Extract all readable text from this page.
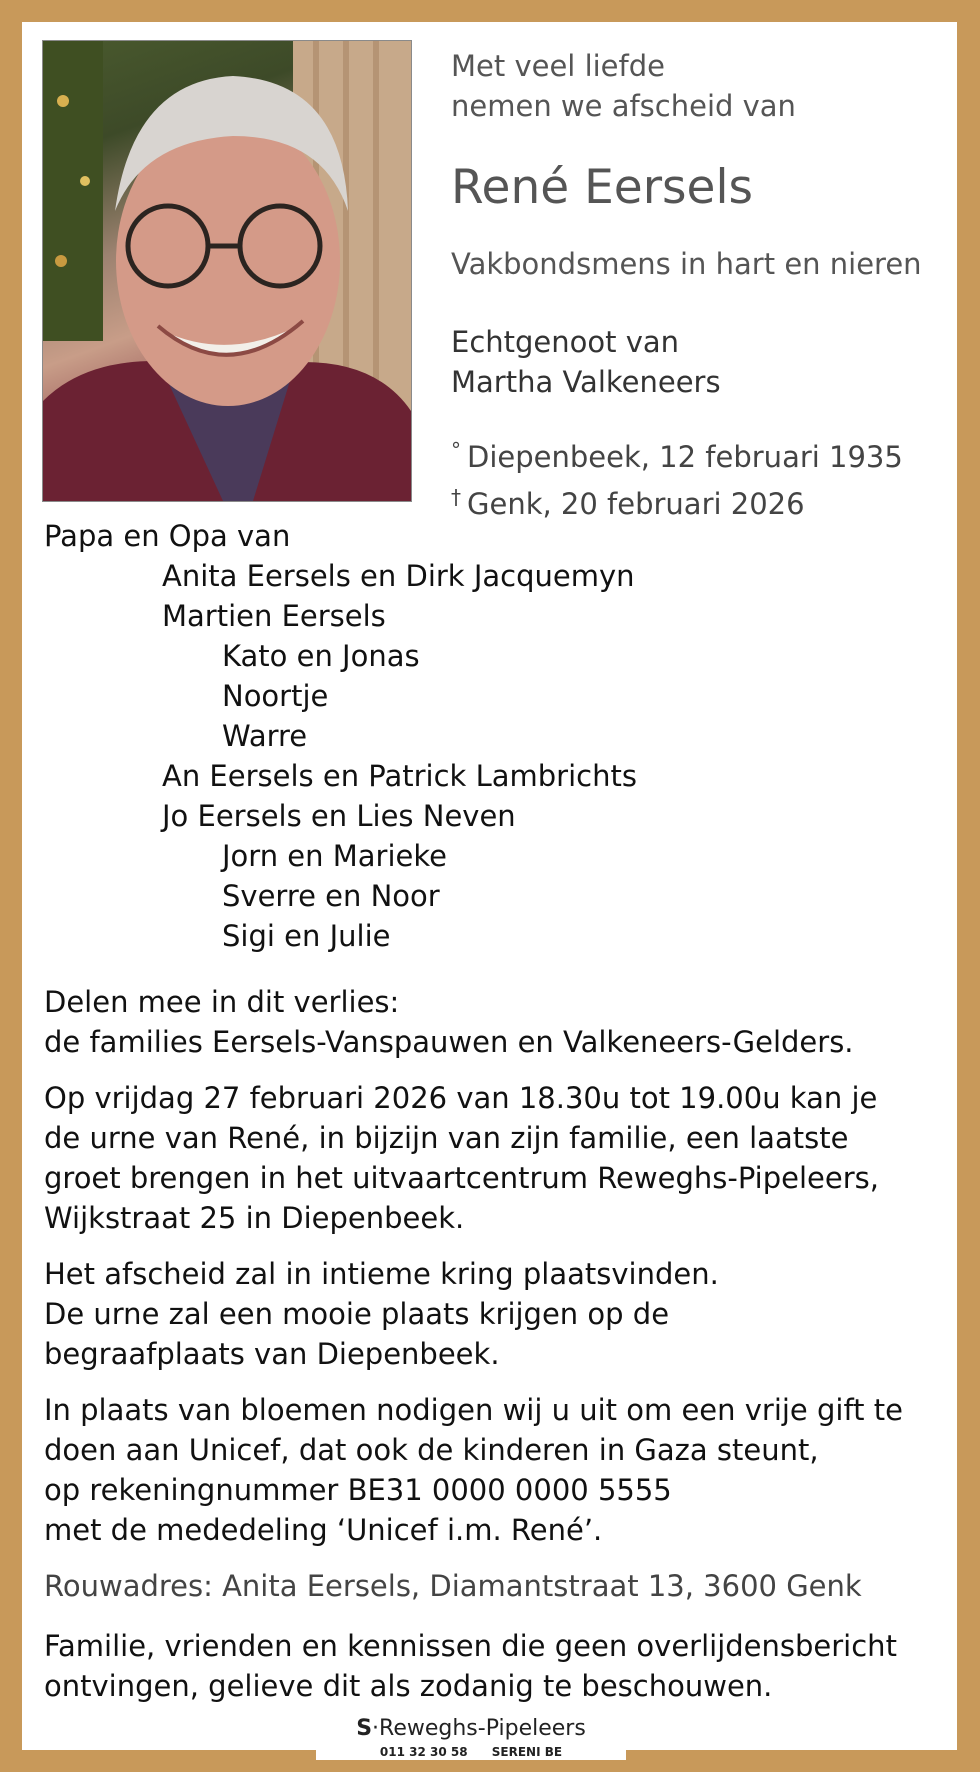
Met veel liefde
nemen we afscheid van
René Eersels
Vakbondsmens in hart en nieren
Echtgenoot van
Martha Valkeneers
° Diepenbeek, 12 februari 1935
† Genk, 20 februari 2026
Papa en Opa van
Anita Eersels en Dirk Jacquemyn
Martien Eersels
Kato en Jonas
Noortje
Warre
An Eersels en Patrick Lambrichts
Jo Eersels en Lies Neven
Jorn en Marieke
Sverre en Noor
Sigi en Julie
Delen mee in dit verlies:
de families Eersels-Vanspauwen en Valkeneers-Gelders.
Op vrijdag 27 februari 2026 van 18.30u tot 19.00u kan je
de urne van René, in bijzijn van zijn familie, een laatste
groet brengen in het uitvaartcentrum Reweghs-Pipeleers,
Wijkstraat 25 in Diepenbeek.
Het afscheid zal in intieme kring plaatsvinden.
De urne zal een mooie plaats krijgen op de
begraafplaats van Diepenbeek.
In plaats van bloemen nodigen wij u uit om een vrije gift te
doen aan Unicef, dat ook de kinderen in Gaza steunt,
op rekeningnummer BE31 0000 0000 5555
met de mededeling ‘Unicef i.m. René’.
Rouwadres: Anita Eersels, Diamantstraat 13, 3600 Genk
Familie, vrienden en kennissen die geen overlijdensbericht
ontvingen, gelieve dit als zodanig te beschouwen.
S·Reweghs-Pipeleers
011 32 30 58 SERENI BE
